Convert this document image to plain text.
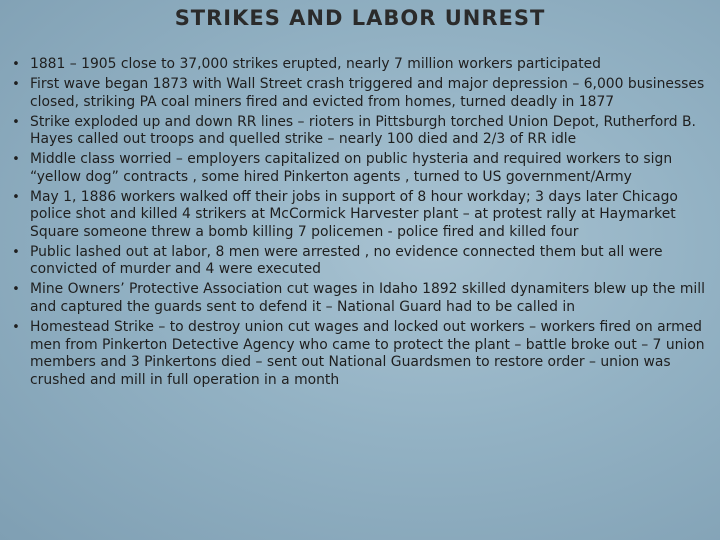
STRIKES AND LABOR UNREST
• 1881 – 1905 close to 37,000 strikes erupted, nearly 7 million workers participated
• First wave began 1873 with Wall Street crash triggered and major depression – 6,000 businesses closed, striking PA coal miners fired and evicted from homes, turned deadly in 1877
• Strike exploded up and down RR lines – rioters in Pittsburgh torched Union Depot, Rutherford B. Hayes called out troops and quelled strike – nearly 100 died and 2/3 of RR idle
• Middle class worried – employers capitalized on public hysteria and required workers to sign “yellow dog” contracts , some hired Pinkerton agents , turned to US government/Army
• May 1, 1886 workers walked off their jobs in support of 8 hour workday; 3 days later Chicago police shot and killed 4 strikers at McCormick Harvester plant – at protest rally at Haymarket Square someone threw a bomb killing 7 policemen - police fired and killed four
• Public lashed out at labor, 8 men were arrested , no evidence connected them but all were convicted of murder and 4 were executed
• Mine Owners’ Protective Association cut wages in Idaho 1892 skilled dynamiters blew up the mill and captured the guards sent to defend it – National Guard had to be called in
• Homestead Strike – to destroy union cut wages and locked out workers – workers fired on armed men from Pinkerton Detective Agency who came to protect the plant – battle broke out – 7 union members and 3 Pinkertons died – sent out National Guardsmen to restore order – union was crushed and mill in full operation in a month
